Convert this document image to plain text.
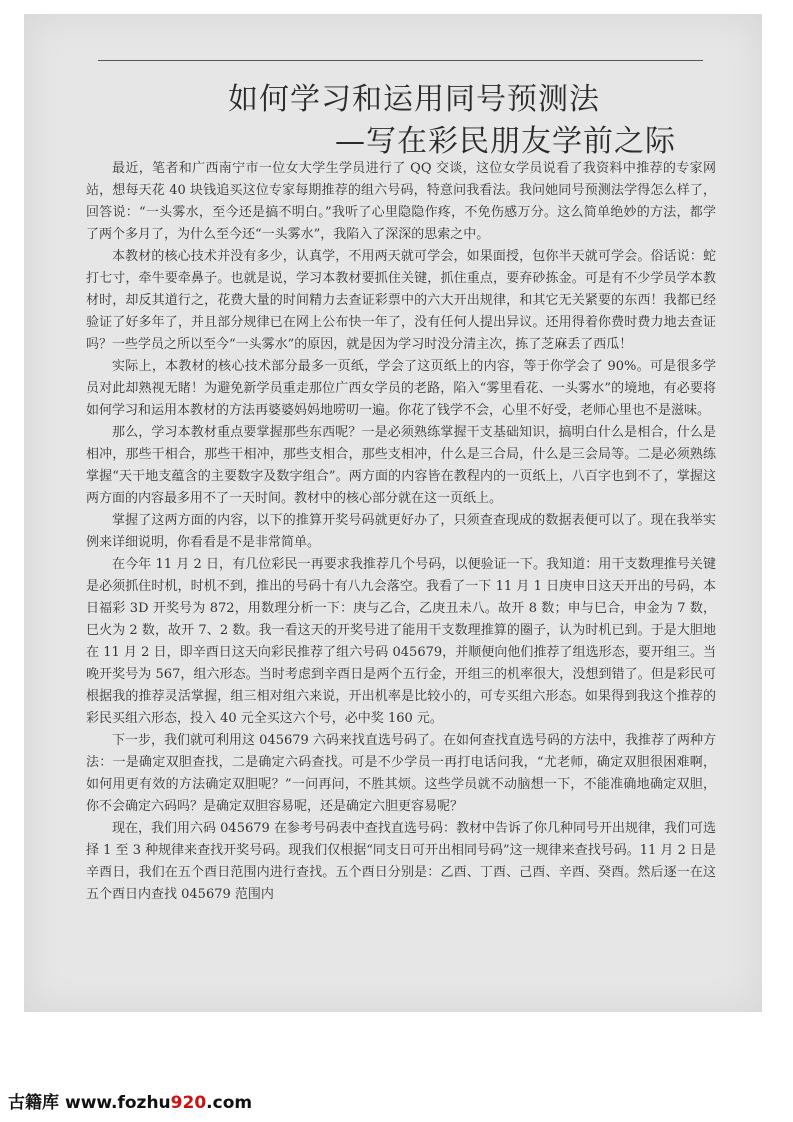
如何学习和运用同号预测法
—写在彩民朋友学前之际

最近，笔者和广西南宁市一位女大学生学员进行了 QQ 交谈，这位女学员说看了我资料中推荐的专家网站，想每天花 40 块钱追买这位专家每期推荐的组六号码，特意问我看法。我问她同号预测法学得怎么样了，回答说：“一头雾水，至今还是搞不明白。”我听了心里隐隐作疼，不免伤感万分。这么简单绝妙的方法，都学了两个多月了，为什么至今还“一头雾水”，我陷入了深深的思索之中。

本教材的核心技术并没有多少，认真学，不用两天就可学会，如果面授，包你半天就可学会。俗话说：蛇打七寸，牵牛要牵鼻子。也就是说，学习本教材要抓住关键，抓住重点，要弃砂拣金。可是有不少学员学本教材时，却反其道行之，花费大量的时间精力去查证彩票中的六大开出规律，和其它无关紧要的东西！我都已经验证了好多年了，并且部分规律已在网上公布快一年了，没有任何人提出异议。还用得着你费时费力地去查证吗？一些学员之所以至今“一头雾水”的原因，就是因为学习时没分清主次，拣了芝麻丢了西瓜！

实际上，本教材的核心技术部分最多一页纸，学会了这页纸上的内容，等于你学会了 90%。可是很多学员对此却熟视无睹！为避免新学员重走那位广西女学员的老路，陷入“雾里看花、一头雾水”的境地，有必要将如何学习和运用本教材的方法再婆婆妈妈地唠叨一遍。你花了钱学不会，心里不好受，老师心里也不是滋味。

那么，学习本教材重点要掌握那些东西呢？一是必须熟练掌握干支基础知识，搞明白什么是相合，什么是相冲，那些干相合，那些干相冲，那些支相合，那些支相冲，什么是三合局，什么是三会局等。二是必须熟练掌握“天干地支蕴含的主要数字及数字组合”。两方面的内容皆在教程内的一页纸上，八百字也到不了，掌握这两方面的内容最多用不了一天时间。教材中的核心部分就在这一页纸上。

掌握了这两方面的内容，以下的推算开奖号码就更好办了，只须查查现成的数据表便可以了。现在我举实例来详细说明，你看看是不是非常简单。

在今年 11 月 2 日，有几位彩民一再要求我推荐几个号码，以便验证一下。我知道：用干支数理推号关键是必须抓住时机，时机不到，推出的号码十有八九会落空。我看了一下 11 月 1 日庚申日这天开出的号码，本日福彩 3D 开奖号为 872，用数理分析一下：庚与乙合，乙庚丑未八。故开 8 数；申与巳合，申金为 7 数，巳火为 2 数，故开 7、2 数。我一看这天的开奖号进了能用干支数理推算的圈子，认为时机已到。于是大胆地在 11 月 2 日，即辛酉日这天向彩民推荐了组六号码 045679，并顺便向他们推荐了组选形态，要开组三。当晚开奖号为 567，组六形态。当时考虑到辛酉日是两个五行金，开组三的机率很大，没想到错了。但是彩民可根据我的推荐灵活掌握，组三相对组六来说，开出机率是比较小的，可专买组六形态。如果得到我这个推荐的彩民买组六形态，投入 40 元全买这六个号，必中奖 160 元。

下一步，我们就可利用这 045679 六码来找直选号码了。在如何查找直选号码的方法中，我推荐了两种方法：一是确定双胆查找，二是确定六码查找。可是不少学员一再打电话问我，“尤老师，确定双胆很困难啊，如何用更有效的方法确定双胆呢？”一问再问，不胜其烦。这些学员就不动脑想一下，不能准确地确定双胆，你不会确定六码吗？是确定双胆容易呢，还是确定六胆更容易呢？

现在，我们用六码 045679 在参考号码表中查找直选号码：教材中告诉了你几种同号开出规律，我们可选择 1 至 3 种规律来查找开奖号码。现我们仅根据“同支日可开出相同号码”这一规律来查找号码。11 月 2 日是辛酉日，我们在五个酉日范围内进行查找。五个酉日分别是：乙酉、丁酉、己酉、辛酉、癸酉。然后逐一在这五个酉日内查找 045679 范围内

古籍库 www.fozhu920.com
